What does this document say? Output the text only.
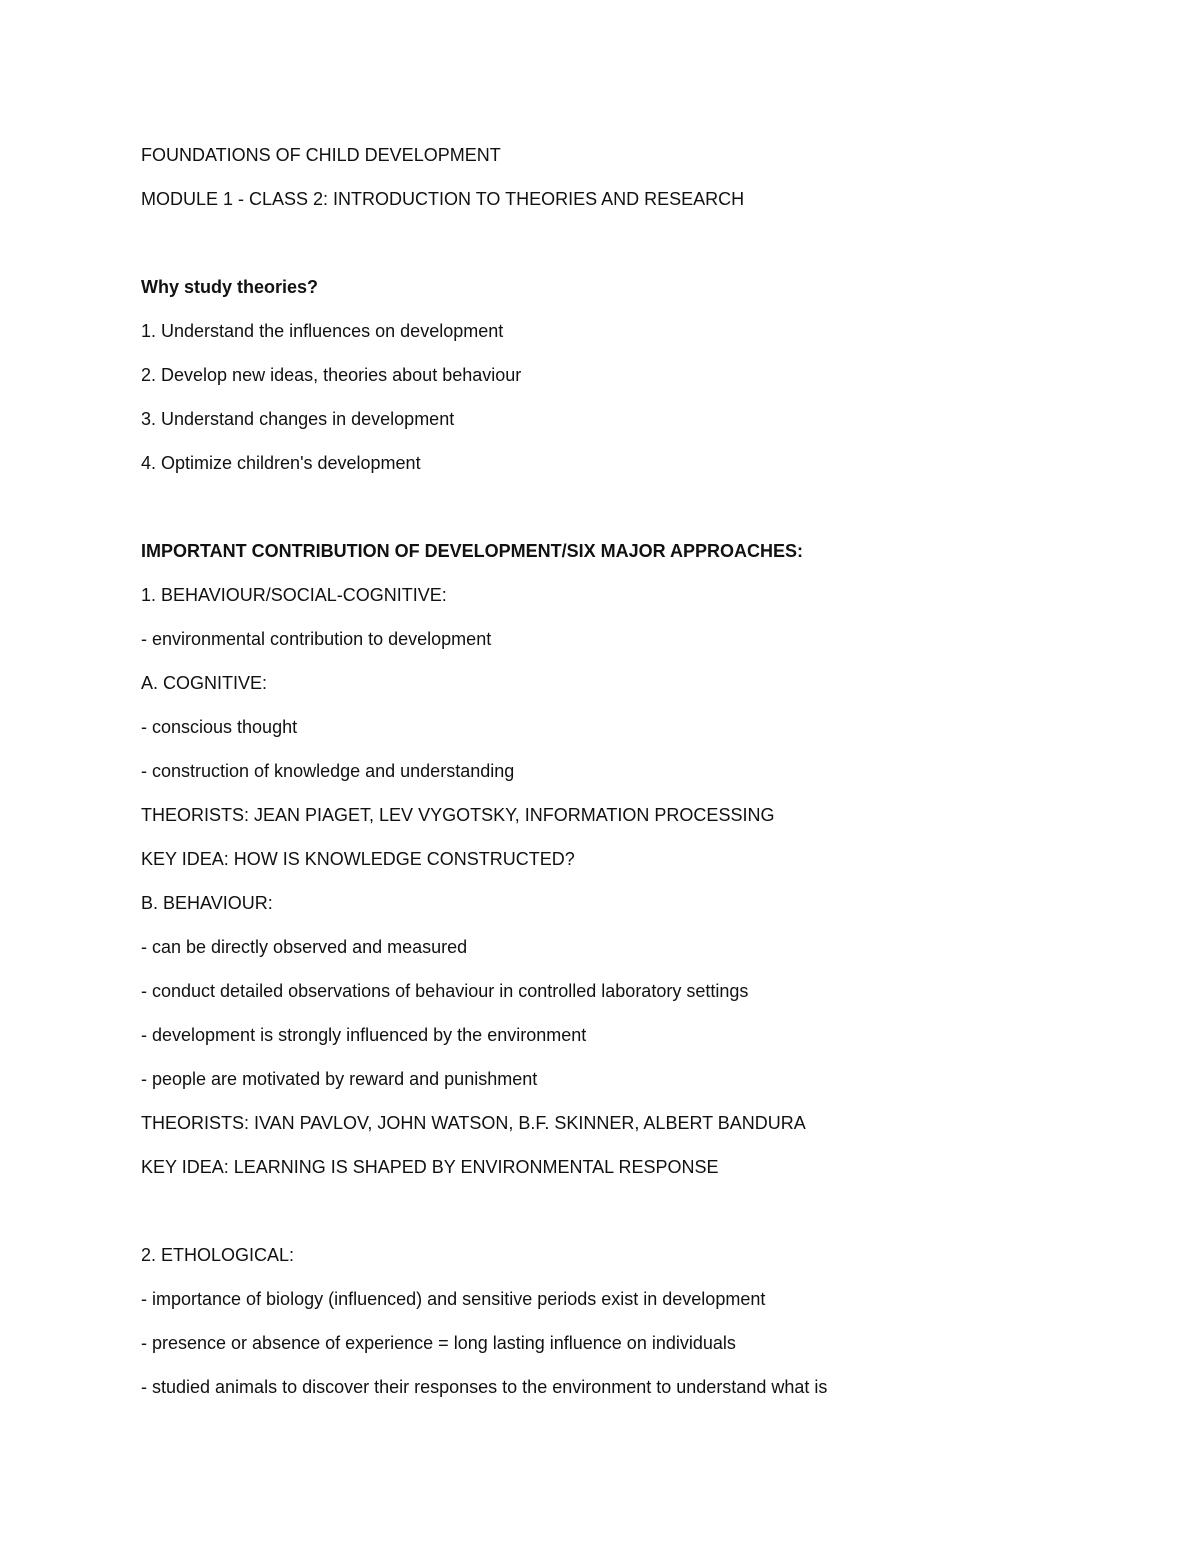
FOUNDATIONS OF CHILD DEVELOPMENT
MODULE 1 - CLASS 2: INTRODUCTION TO THEORIES AND RESEARCH
Why study theories?
1. Understand the influences on development
2. Develop new ideas, theories about behaviour
3. Understand changes in development
4. Optimize children's development
IMPORTANT CONTRIBUTION OF DEVELOPMENT/SIX MAJOR APPROACHES:
1. BEHAVIOUR/SOCIAL-COGNITIVE:
- environmental contribution to development
A. COGNITIVE:
- conscious thought
- construction of knowledge and understanding
THEORISTS: JEAN PIAGET, LEV VYGOTSKY, INFORMATION PROCESSING
KEY IDEA: HOW IS KNOWLEDGE CONSTRUCTED?
B. BEHAVIOUR:
- can be directly observed and measured
- conduct detailed observations of behaviour in controlled laboratory settings
- development is strongly influenced by the environment
- people are motivated by reward and punishment
THEORISTS: IVAN PAVLOV, JOHN WATSON, B.F. SKINNER, ALBERT BANDURA
KEY IDEA: LEARNING IS SHAPED BY ENVIRONMENTAL RESPONSE
2. ETHOLOGICAL:
- importance of biology (influenced) and sensitive periods exist in development
- presence or absence of experience = long lasting influence on individuals
- studied animals to discover their responses to the environment to understand what is
